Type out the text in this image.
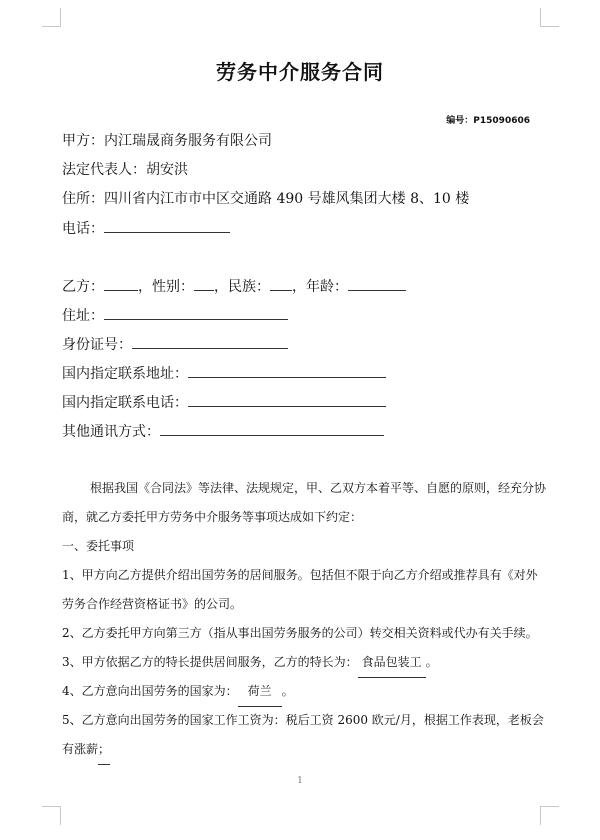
劳务中介服务合同
编号：P15090606
甲方：内江瑞晟商务服务有限公司
法定代表人：胡安洪
住所：四川省内江市市中区交通路 490 号雄风集团大楼 8、10 楼
电话：
乙方： ，性别： ，民族： ，年龄：
住址：
身份证号：
国内指定联系地址：
国内指定联系电话：
其他通讯方式：
根据我国《合同法》等法律、法规规定，甲、乙双方本着平等、自愿的原则，经充分协商，就乙方委托甲方劳务中介服务等事项达成如下约定：
一、委托事项
1、甲方向乙方提供介绍出国劳务的居间服务。包括但不限于向乙方介绍或推荐具有《对外劳务合作经营资格证书》的公司。
2、乙方委托甲方向第三方（指从事出国劳务服务的公司）转交相关资料或代办有关手续。
3、甲方依据乙方的特长提供居间服务，乙方的特长为： 食品包装工 。
4、乙方意向出国劳务的国家为： 荷兰 。
5、乙方意向出国劳务的国家工作工资为：税后工资 2600 欧元/月，根据工作表现，老板会有涨薪；
1
